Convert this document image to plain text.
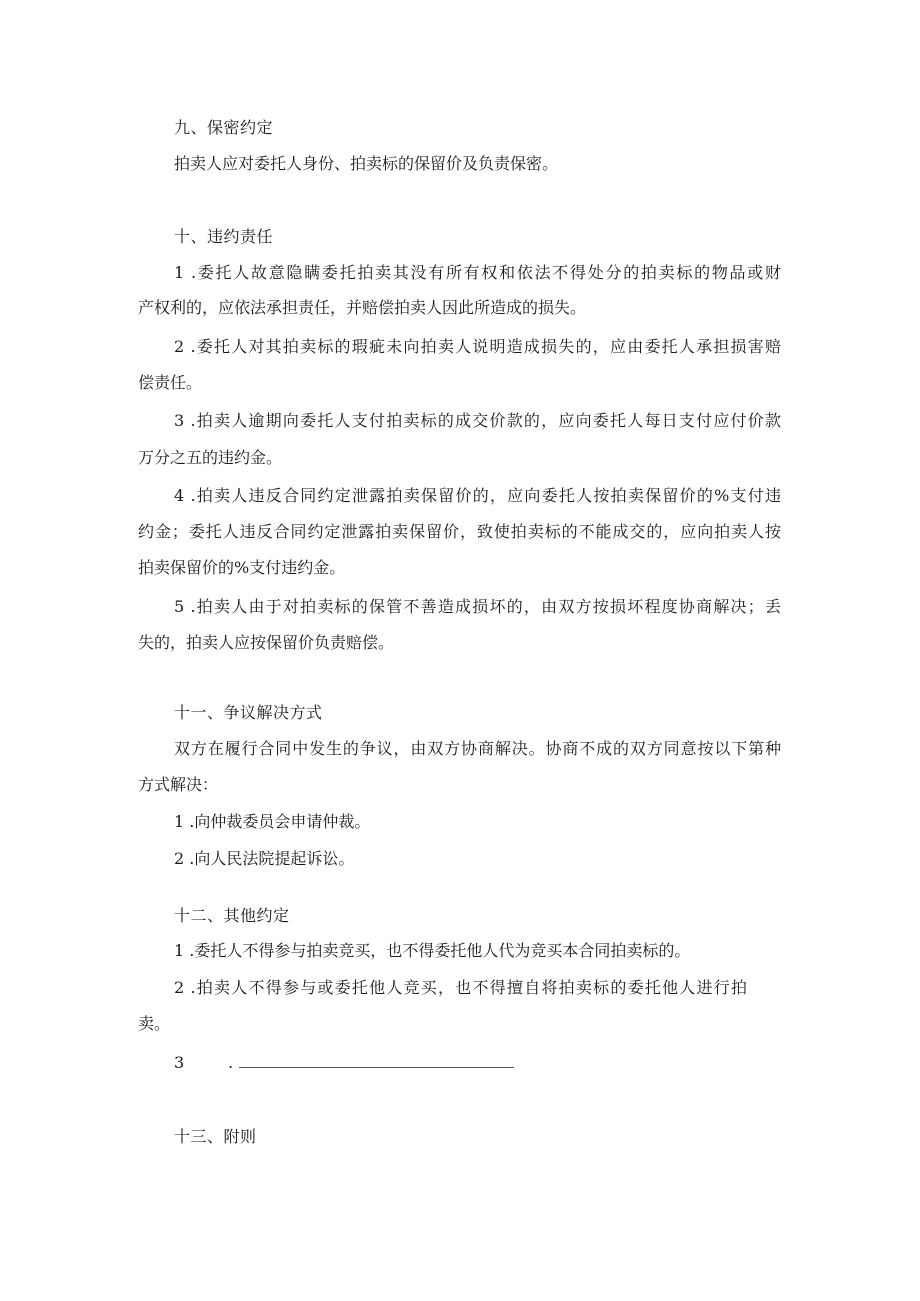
九、保密约定
拍卖人应对委托人身份、拍卖标的保留价及负责保密。
十、违约责任
1 .委托人故意隐瞒委托拍卖其没有所有权和依法不得处分的拍卖标的物品或财
产权利的，应依法承担责任，并赔偿拍卖人因此所造成的损失。
2 .委托人对其拍卖标的瑕疵未向拍卖人说明造成损失的，应由委托人承担损害赔
偿责任。
3 .拍卖人逾期向委托人支付拍卖标的成交价款的，应向委托人每日支付应付价款
万分之五的违约金。
4 .拍卖人违反合同约定泄露拍卖保留价的，应向委托人按拍卖保留价的%支付违
约金；委托人违反合同约定泄露拍卖保留价，致使拍卖标的不能成交的，应向拍卖人按
拍卖保留价的%支付违约金。
5 .拍卖人由于对拍卖标的保管不善造成损坏的，由双方按损坏程度协商解决；丢
失的，拍卖人应按保留价负责赔偿。
十一、争议解决方式
双方在履行合同中发生的争议，由双方协商解决。协商不成的双方同意按以下第种
方式解决：
1 .向仲裁委员会申请仲裁。
2 .向人民法院提起诉讼。
十二、其他约定
1 .委托人不得参与拍卖竞买，也不得委托他人代为竞买本合同拍卖标的。
2 .拍卖人不得参与或委托他人竞买，也不得擅自将拍卖标的委托他人进行拍
卖。
3	.
十三、附则
